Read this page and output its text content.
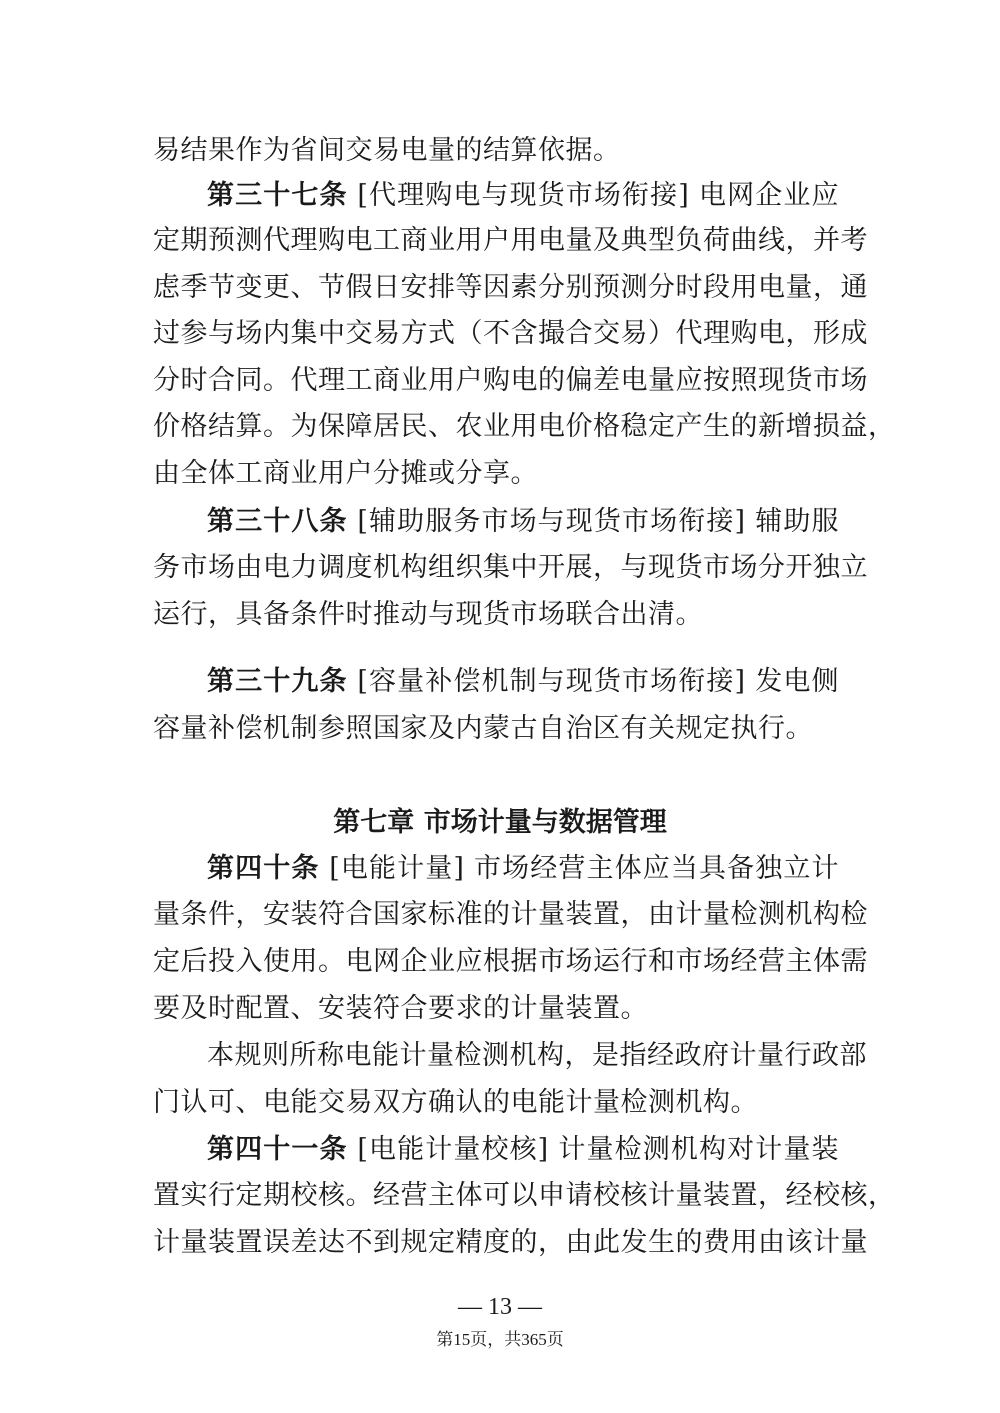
易结果作为省间交易电量的结算依据。
第三十七条 [代理购电与现货市场衔接] 电网企业应
定期预测代理购电工商业用户用电量及典型负荷曲线，并考
虑季节变更、节假日安排等因素分别预测分时段用电量，通
过参与场内集中交易方式（不含撮合交易）代理购电，形成
分时合同。代理工商业用户购电的偏差电量应按照现货市场
价格结算。为保障居民、农业用电价格稳定产生的新增损益，
由全体工商业用户分摊或分享。
第三十八条 [辅助服务市场与现货市场衔接] 辅助服
务市场由电力调度机构组织集中开展，与现货市场分开独立
运行，具备条件时推动与现货市场联合出清。
第三十九条 [容量补偿机制与现货市场衔接] 发电侧
容量补偿机制参照国家及内蒙古自治区有关规定执行。
第七章 市场计量与数据管理
第四十条 [电能计量] 市场经营主体应当具备独立计
量条件，安装符合国家标准的计量装置，由计量检测机构检
定后投入使用。电网企业应根据市场运行和市场经营主体需
要及时配置、安装符合要求的计量装置。
本规则所称电能计量检测机构，是指经政府计量行政部
门认可、电能交易双方确认的电能计量检测机构。
第四十一条 [电能计量校核] 计量检测机构对计量装
置实行定期校核。经营主体可以申请校核计量装置，经校核，
计量装置误差达不到规定精度的，由此发生的费用由该计量
— 13 —
第15页，共365页
